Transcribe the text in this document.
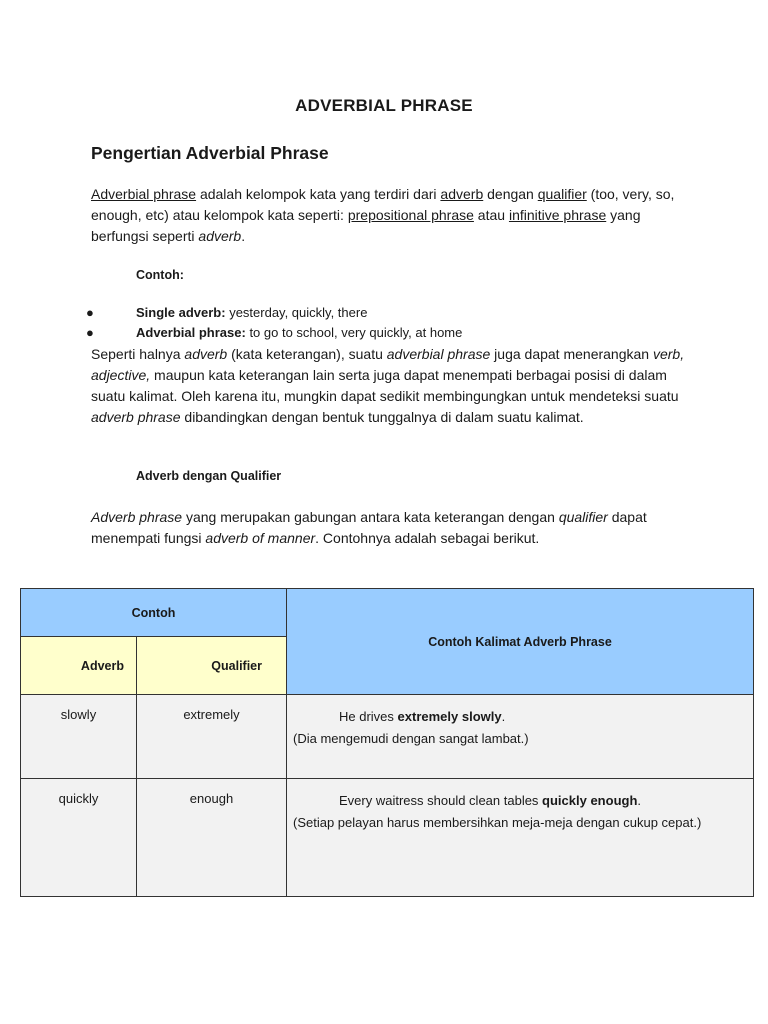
ADVERBIAL PHRASE
Pengertian Adverbial Phrase
Adverbial phrase adalah kelompok kata yang terdiri dari adverb dengan qualifier (too, very, so, enough, etc) atau kelompok kata seperti: prepositional phrase atau infinitive phrase yang berfungsi seperti adverb.
Contoh:
●	Single adverb: yesterday, quickly, there
●	Adverbial phrase: to go to school, very quickly, at home
Seperti halnya adverb (kata keterangan), suatu adverbial phrase juga dapat menerangkan verb, adjective, maupun kata keterangan lain serta juga dapat menempati berbagai posisi di dalam suatu kalimat. Oleh karena itu, mungkin dapat sedikit membingungkan untuk mendeteksi suatu adverb phrase dibandingkan dengan bentuk tunggalnya di dalam suatu kalimat.
Adverb dengan Qualifier
Adverb phrase yang merupakan gabungan antara kata keterangan dengan qualifier dapat menempati fungsi adverb of manner. Contohnya adalah sebagai berikut.
Contoh		Contoh Kalimat Adverb Phrase
Adverb	Qualifier	
slowly	extremely	He drives extremely slowly.
(Dia mengemudi dengan sangat lambat.)

quickly	enough	Every waitress should clean tables quickly enough.
(Setiap pelayan harus membersihkan meja-meja dengan cukup cepat.)
